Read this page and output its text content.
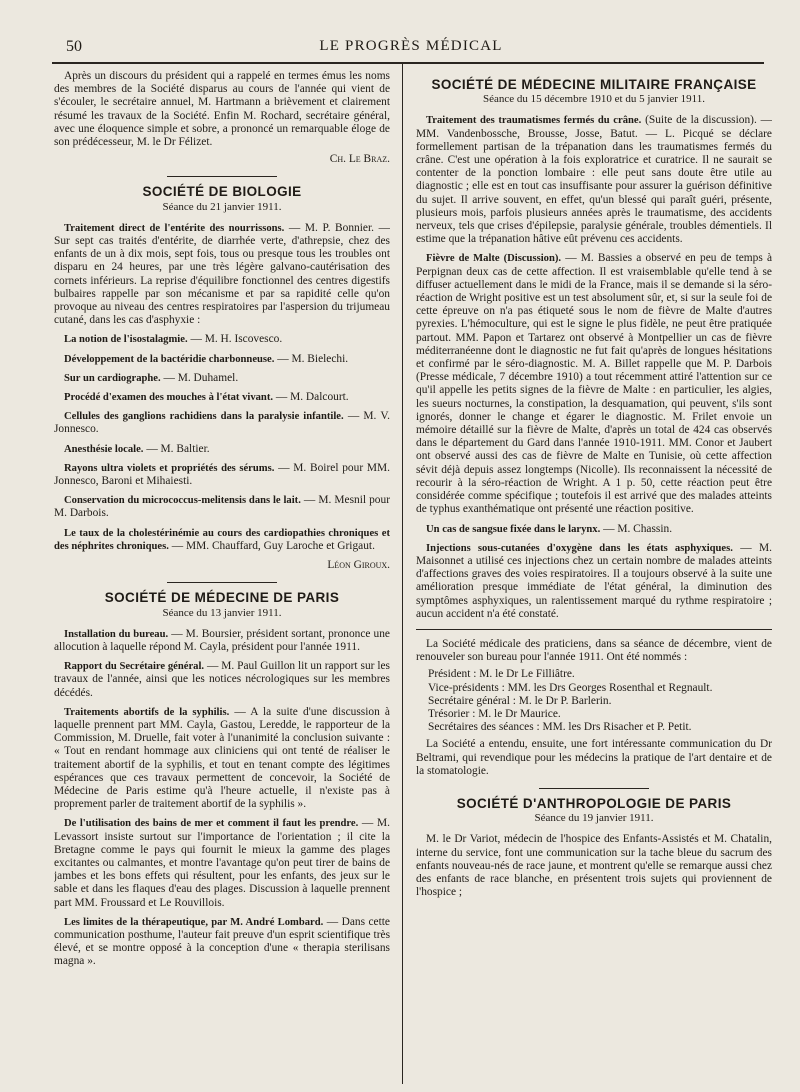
50	LE PROGRÈS MÉDICAL

Après un discours du président qui a rappelé en termes émus les noms des membres de la Société disparus au cours de l'année qui vient de s'écouler, le secrétaire annuel, M. Hartmann a brièvement et clairement résumé les travaux de la Société. Enfin M. Rochard, secrétaire général, avec une éloquence simple et sobre, a prononcé un remarquable éloge de son prédécesseur, M. le Dr Félizet.

Ch. Le Braz.
SOCIÉTÉ DE BIOLOGIE
Séance du 21 janvier 1911.

Traitement direct de l'entérite des nourrissons. — M. P. Bonnier. — Sur sept cas traités d'entérite, de diarrhée verte, d'athrepsie, chez des enfants de un à dix mois, sept fois, tous ou presque tous les troubles ont disparu en 24 heures, par une très légère galvano-cautérisation des cornets inférieurs. La reprise d'équilibre fonctionnel des centres digestifs bulbaires rappelle par son mécanisme et par sa rapidité celle qu'on provoque au niveau des centres respiratoires par l'aspersion du trijumeau cutané, dans les cas d'asphyxie :

La notion de l'isostalagmie. — M. H. Iscovesco.

Développement de la bactéridie charbonneuse. — M. Bielechi.

Sur un cardiographe. — M. Duhamel.

Procédé d'examen des mouches à l'état vivant. — M. Dalcourt.

Cellules des ganglions rachidiens dans la paralysie infantile. — M. V. Jonnesco.

Anesthésie locale. — M. Baltier.

Rayons ultra violets et propriétés des sérums. — M. Boirel pour MM. Jonnesco, Baroni et Mihaiesti.

Conservation du micrococcus-melitensis dans le lait. — M. Mesnil pour M. Darbois.

Le taux de la cholestérinémie au cours des cardiopathies chroniques et des néphrites chroniques. — MM. Chauffard, Guy Laroche et Grigaut.

Léon Giroux.
SOCIÉTÉ DE MÉDECINE DE PARIS
Séance du 13 janvier 1911.

Installation du bureau. — M. Boursier, président sortant, prononce une allocution à laquelle répond M. Cayla, président pour l'année 1911.

Rapport du Secrétaire général. — M. Paul Guillon lit un rapport sur les travaux de l'année, ainsi que les notices nécrologiques sur les membres décédés.

Traitements abortifs de la syphilis. — A la suite d'une discussion à laquelle prennent part MM. Cayla, Gastou, Leredde, le rapporteur de la Commission, M. Druelle, fait voter à l'unanimité la conclusion suivante : « Tout en rendant hommage aux cliniciens qui ont tenté de réaliser le traitement abortif de la syphilis, et tout en tenant compte des légitimes espérances que ces travaux permettent de concevoir, la Société de Médecine de Paris estime qu'à l'heure actuelle, il n'existe pas à proprement parler de traitement abortif de la syphilis ».

De l'utilisation des bains de mer et comment il faut les prendre. — M. Levassort insiste surtout sur l'importance de l'orientation ; il cite la Bretagne comme le pays qui fournit le mieux la gamme des plages excitantes ou calmantes, et montre l'avantage qu'on peut tirer de bains de jambes et les bons effets qui résultent, pour les enfants, des jeux sur le sable et dans les flaques d'eau des plages. Discussion à laquelle prennent part MM. Froussard et Le Rouvillois.

Les limites de la thérapeutique, par M. André Lombard. — Dans cette communication posthume, l'auteur fait preuve d'un esprit scientifique très élevé, et se montre opposé à la conception d'une « therapia sterilisans magna ».

SOCIÉTÉ DE MÉDECINE MILITAIRE FRANÇAISE
Séance du 15 décembre 1910 et du 5 janvier 1911.

Traitement des traumatismes fermés du crâne. (Suite de la discussion). — MM. Vandenbossche, Brousse, Josse, Batut. — L. Picqué se déclare formellement partisan de la trépanation dans les traumatismes fermés du crâne. C'est une opération à la fois exploratrice et curatrice. Il ne saurait se contenter de la ponction lombaire : elle peut sans doute être utile au diagnostic ; elle est en tout cas insuffisante pour assurer la guérison définitive du sujet. Il arrive souvent, en effet, qu'un blessé qui paraît guéri, présente, plusieurs mois, parfois plusieurs années après le traumatisme, des accidents nerveux, tels que crises d'épilepsie, paralysie générale, troubles démentiels. Il estime que la trépanation hâtive eût prévenu ces accidents.

Fièvre de Malte (Discussion). — M. Bassies a observé en peu de temps à Perpignan deux cas de cette affection. Il est vraisemblable qu'elle tend à se diffuser actuellement dans le midi de la France, mais il se demande si la séro-réaction de Wright positive est un test absolument sûr, et, si sur la seule foi de cette épreuve on n'a pas étiqueté sous le nom de fièvre de Malte d'autres pyrexies. L'hémoculture, qui est le signe le plus fidèle, ne peut être pratiquée partout. MM. Papon et Tartarez ont observé à Montpellier un cas de fièvre méditerranéenne dont le diagnostic ne fut fait qu'après de longues hésitations et confirmé par le séro-diagnostic. M. A. Billet rappelle que M. P. Darbois (Presse médicale, 7 décembre 1910) a tout récemment attiré l'attention sur ce qu'il appelle les petits signes de la fièvre de Malte : en particulier, les algies, les sueurs nocturnes, la constipation, la desquamation, qui peuvent, s'ils sont ignorés, donner le change et égarer le diagnostic. M. Frilet envoie un mémoire détaillé sur la fièvre de Malte, d'après un total de 424 cas observés dans le département du Gard dans l'année 1910-1911. MM. Conor et Jaubert ont observé aussi des cas de fièvre de Malte en Tunisie, où cette affection sévit déjà depuis assez longtemps (Nicolle). Ils reconnaissent la nécessité de recourir à la séro-réaction de Wright. A 1 p. 50, cette réaction peut être considérée comme spécifique ; toutefois il est arrivé que des malades atteints de typhus exanthématique ont présenté une réaction positive.

Un cas de sangsue fixée dans le larynx. — M. Chassin.

Injections sous-cutanées d'oxygène dans les états asphyxiques. — M. Maisonnet a utilisé ces injections chez un certain nombre de malades atteints d'affections graves des voies respiratoires. Il a toujours observé à la suite une amélioration presque immédiate de l'état général, la diminution des symptômes asphyxiques, un ralentissement marqué du rythme respiratoire ; aucun accident n'a été constaté.

La Société médicale des praticiens, dans sa séance de décembre, vient de renouveler son bureau pour l'année 1911. Ont été nommés :

Président : M. le Dr Le Filliâtre.
Vice-présidents : MM. les Drs Georges Rosenthal et Regnault.
Secrétaire général : M. le Dr P. Barlerin.
Trésorier : M. le Dr Maurice.
Secrétaires des séances : MM. les Drs Risacher et P. Petit.

La Société a entendu, ensuite, une fort intéressante communication du Dr Beltrami, qui revendique pour les médecins la pratique de l'art dentaire et de la stomatologie.

SOCIÉTÉ D'ANTHROPOLOGIE DE PARIS
Séance du 19 janvier 1911.

M. le Dr Variot, médecin de l'hospice des Enfants-Assistés et M. Chatalin, interne du service, font une communication sur la tache bleue du sacrum des enfants nouveau-nés de race jaune, et montrent qu'elle se remarque aussi chez des enfants de race blanche, en présentent trois sujets qui proviennent de l'hospice ;
